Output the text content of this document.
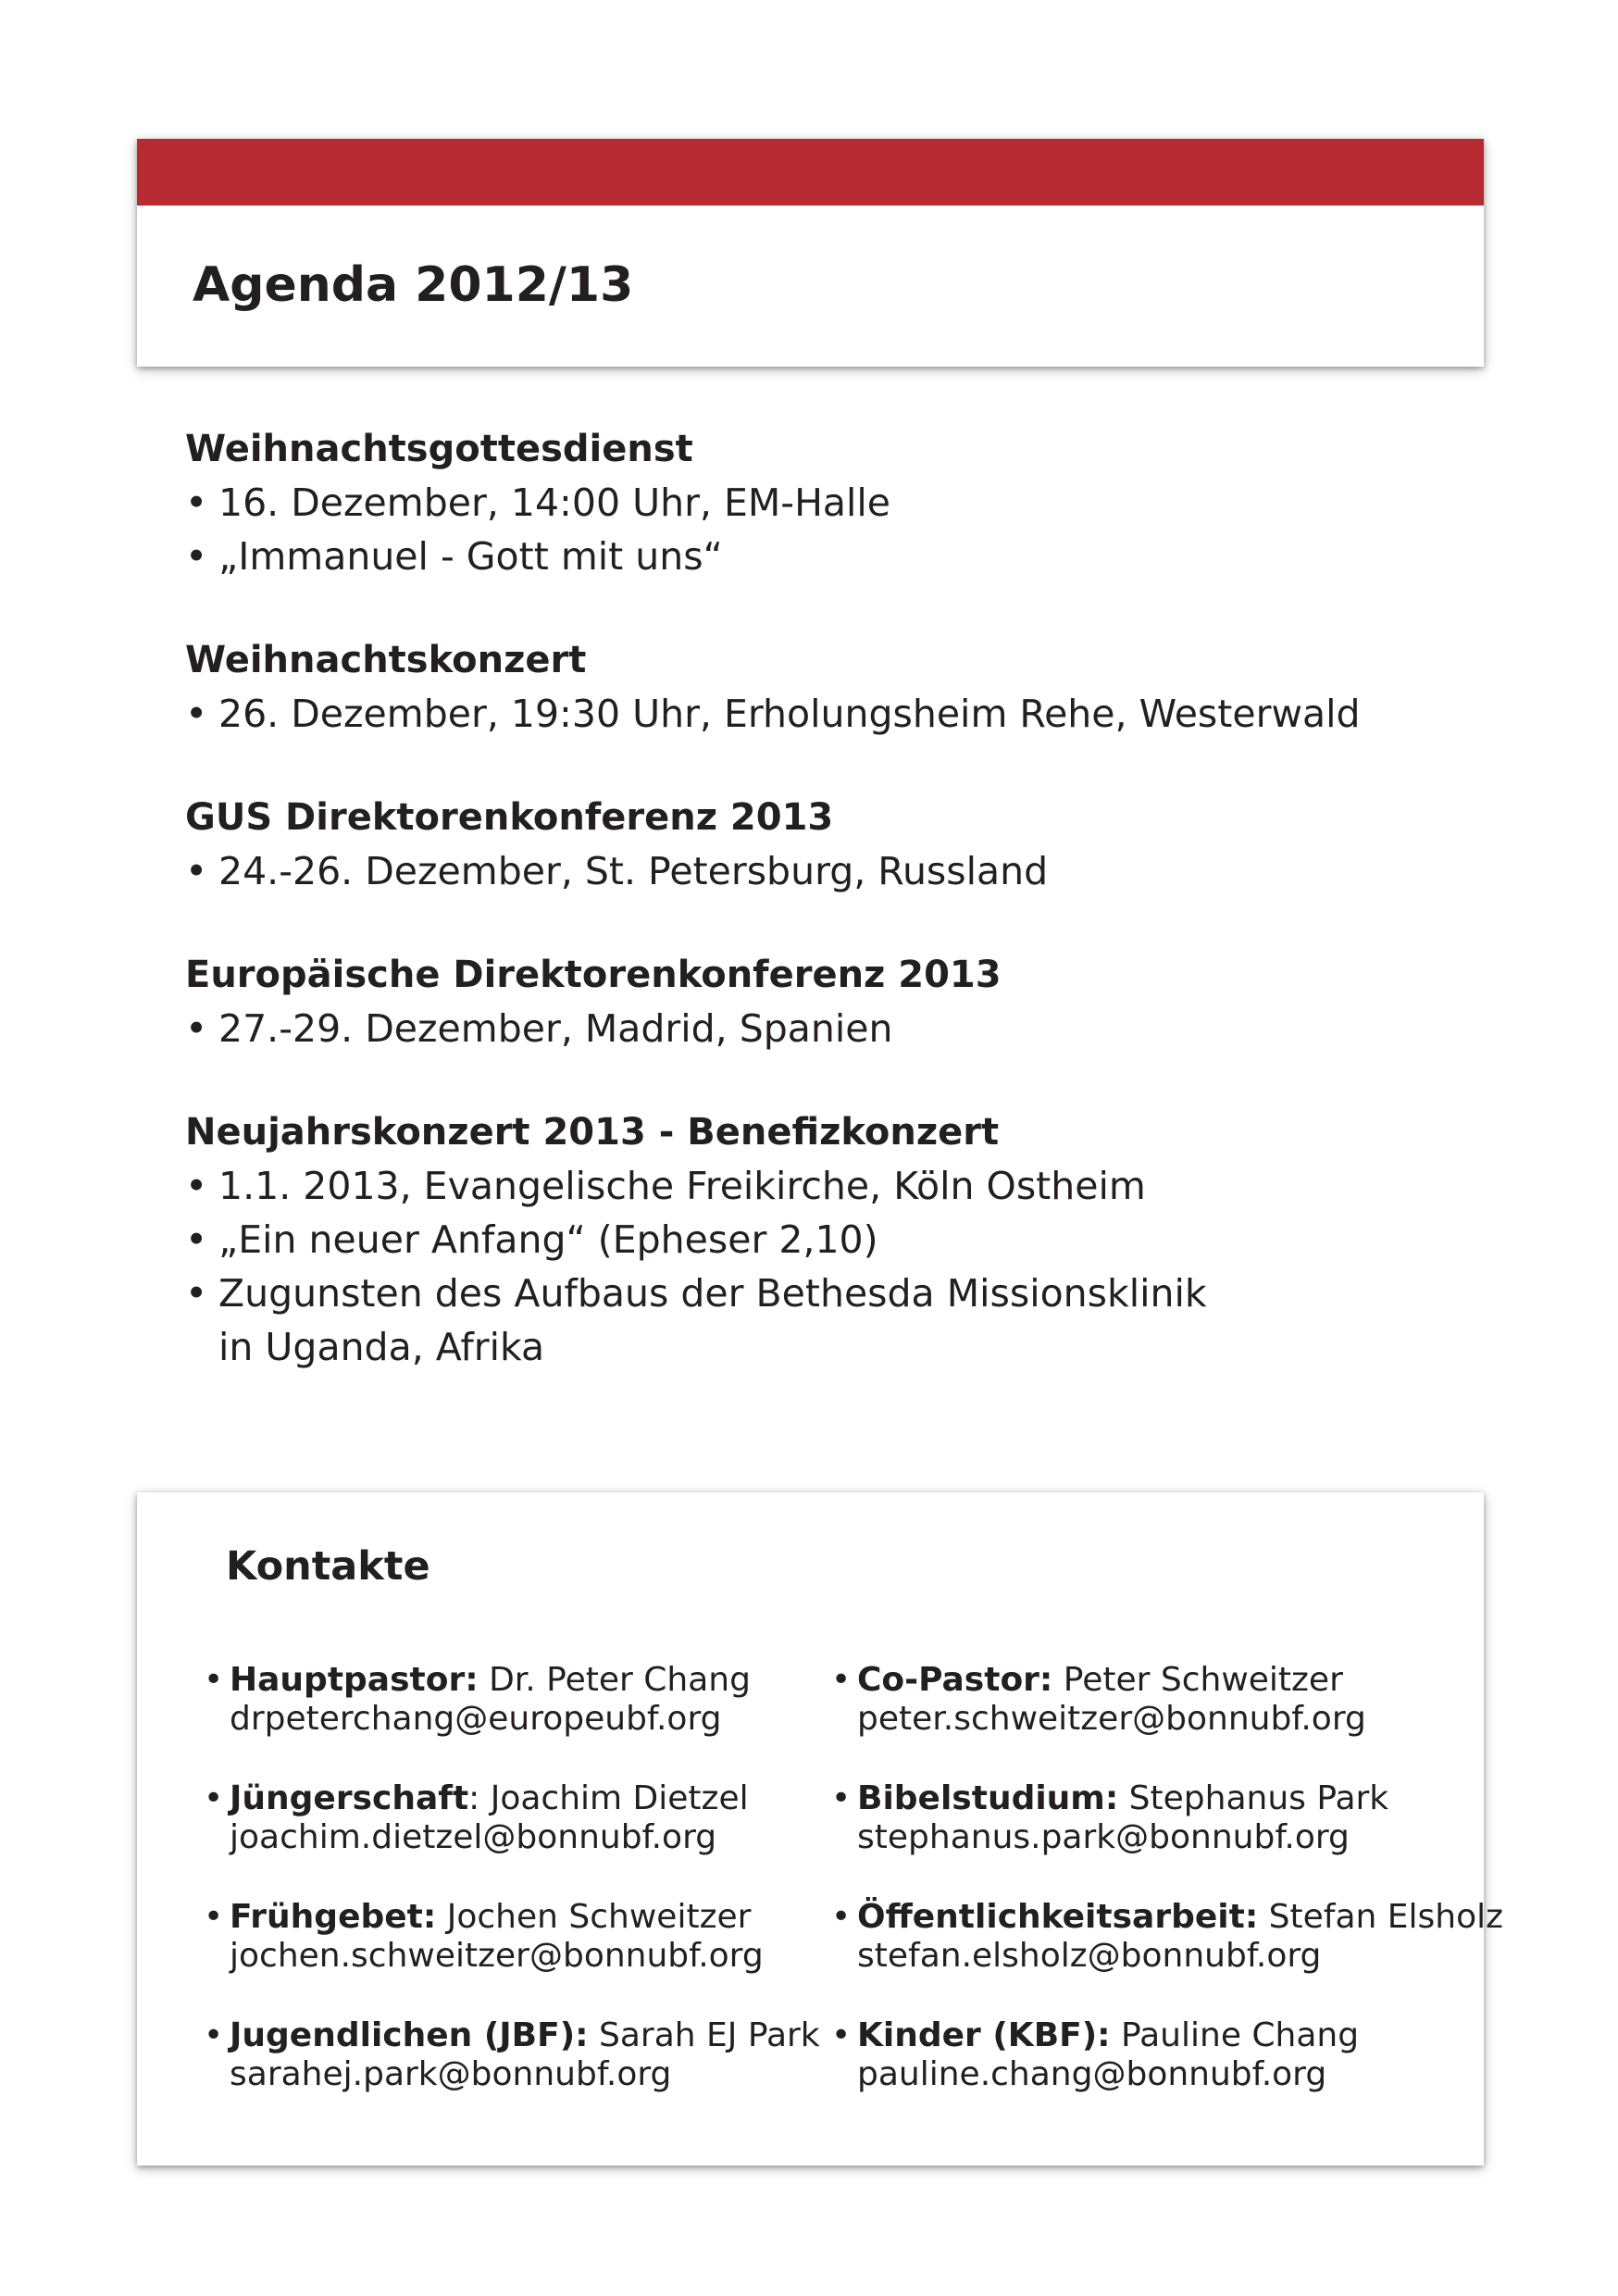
Agenda 2012/13

Weihnachtsgottesdienst

• 16. Dezember, 14:00 Uhr, EM-Halle

• „Immanuel - Gott mit uns“

Weihnachtskonzert

• 26. Dezember, 19:30 Uhr, Erholungsheim Rehe, Westerwald

GUS Direktorenkonferenz 2013

• 24.-26. Dezember, St. Petersburg, Russland

Europäische Direktorenkonferenz 2013

• 27.-29. Dezember, Madrid, Spanien

Neujahrskonzert 2013 - Benefizkonzert

• 1.1. 2013, Evangelische Freikirche, Köln Ostheim

• „Ein neuer Anfang“ (Epheser 2,10)

• Zugunsten des Aufbaus der Bethesda Missionsklinik

in Uganda, Afrika

Kontakte
• Hauptpastor: Dr. Peter Chang
drpeterchang@europeubf.org
• Jüngerschaft: Joachim Dietzel
joachim.dietzel@bonnubf.org
• Frühgebet: Jochen Schweitzer
jochen.schweitzer@bonnubf.org
• Jugendlichen (JBF): Sarah EJ Park
sarahej.park@bonnubf.org
• Co-Pastor: Peter Schweitzer
peter.schweitzer@bonnubf.org
• Bibelstudium: Stephanus Park
stephanus.park@bonnubf.org
• Öffentlichkeitsarbeit: Stefan Elsholz
stefan.elsholz@bonnubf.org
• Kinder (KBF): Pauline Chang
pauline.chang@bonnubf.org
